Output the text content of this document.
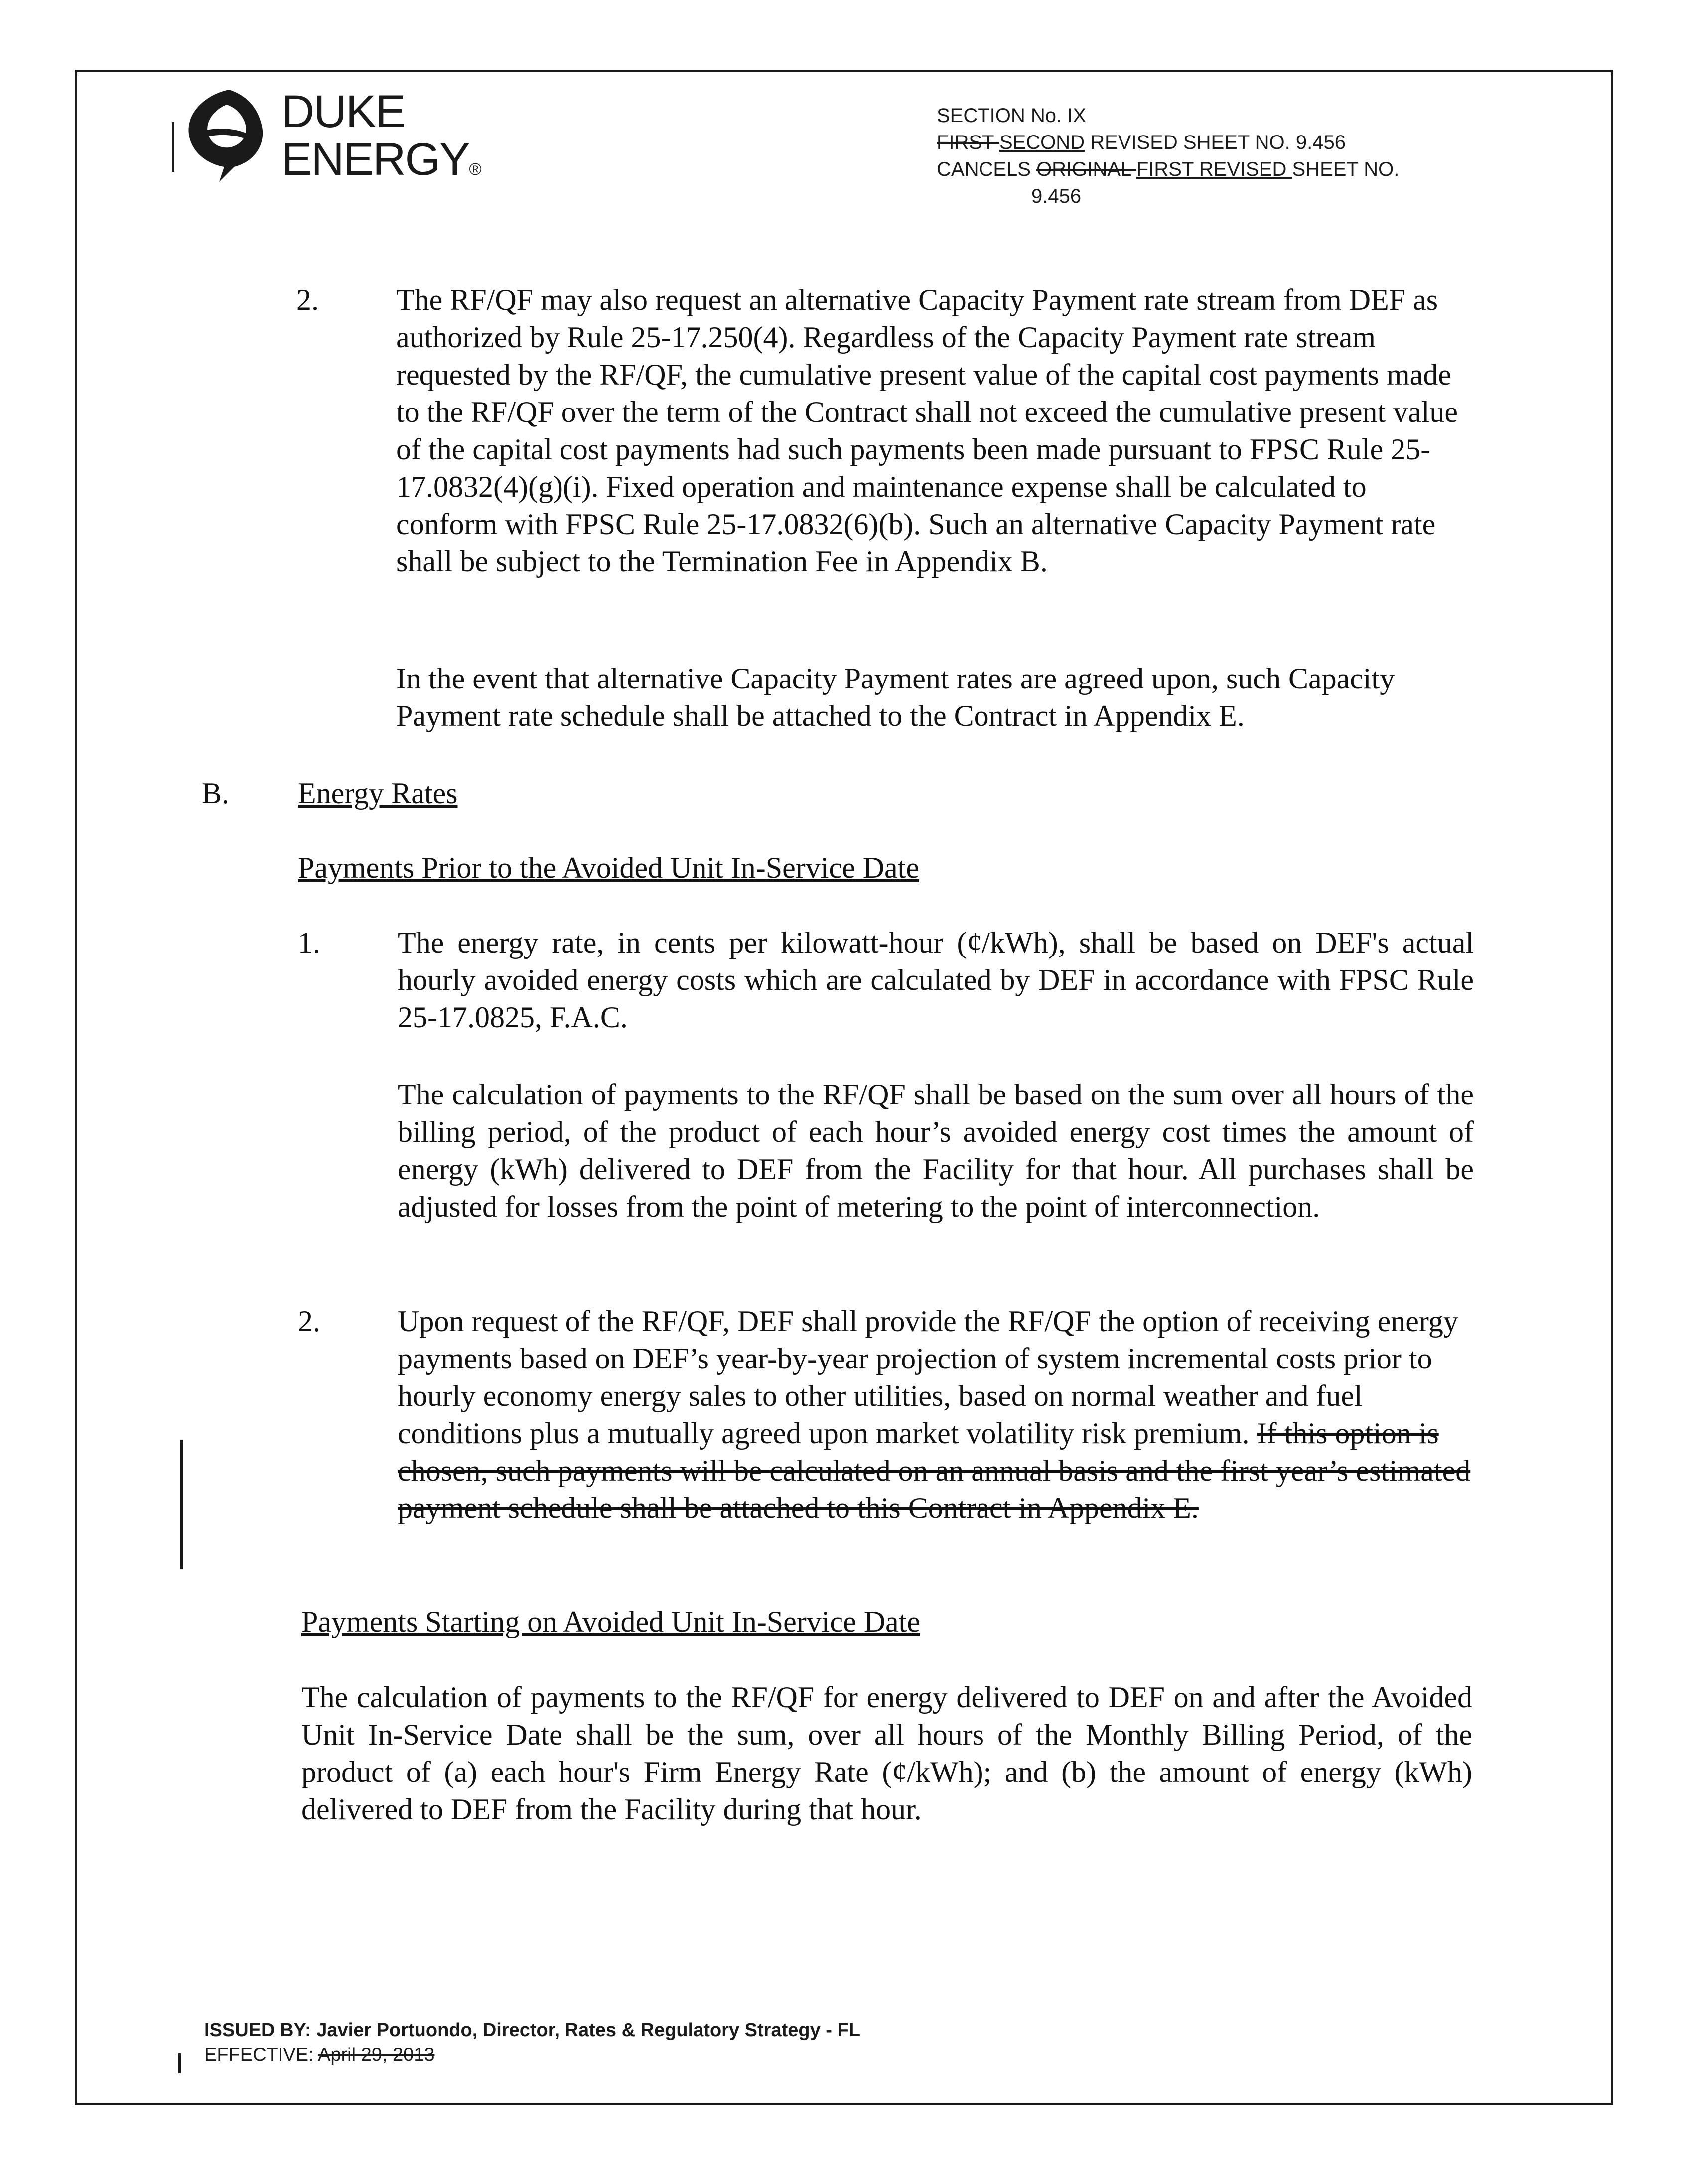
DUKE
ENERGY®
SECTION No. IX
FIRST SECOND REVISED SHEET NO. 9.456
CANCELS ORIGINAL FIRST REVISED SHEET NO.
9.456
2.	The RF/QF may also request an alternative Capacity Payment rate stream from DEF as authorized by Rule 25-17.250(4). Regardless of the Capacity Payment rate stream requested by the RF/QF, the cumulative present value of the capital cost payments made to the RF/QF over the term of the Contract shall not exceed the cumulative present value of the capital cost payments had such payments been made pursuant to FPSC Rule 25-17.0832(4)(g)(i). Fixed operation and maintenance expense shall be calculated to conform with FPSC Rule 25-17.0832(6)(b). Such an alternative Capacity Payment rate shall be subject to the Termination Fee in Appendix B.

In the event that alternative Capacity Payment rates are agreed upon, such Capacity Payment rate schedule shall be attached to the Contract in Appendix E.

B. Energy Rates
Payments Prior to the Avoided Unit In-Service Date
1.	The energy rate, in cents per kilowatt-hour (¢/kWh), shall be based on DEF's actual hourly avoided energy costs which are calculated by DEF in accordance with FPSC Rule 25-17.0825, F.A.C.

The calculation of payments to the RF/QF shall be based on the sum over all hours of the billing period, of the product of each hour’s avoided energy cost times the amount of energy (kWh) delivered to DEF from the Facility for that hour. All purchases shall be adjusted for losses from the point of metering to the point of interconnection.

2.	Upon request of the RF/QF, DEF shall provide the RF/QF the option of receiving energy payments based on DEF’s year-by-year projection of system incremental costs prior to hourly economy energy sales to other utilities, based on normal weather and fuel conditions plus a mutually agreed upon market volatility risk premium. If this option is chosen, such payments will be calculated on an annual basis and the first year’s estimated payment schedule shall be attached to this Contract in Appendix E.

Payments Starting on Avoided Unit In-Service Date

The calculation of payments to the RF/QF for energy delivered to DEF on and after the Avoided Unit In-Service Date shall be the sum, over all hours of the Monthly Billing Period, of the product of (a) each hour's Firm Energy Rate (¢/kWh); and (b) the amount of energy (kWh) delivered to DEF from the Facility during that hour.

ISSUED BY: Javier Portuondo, Director, Rates & Regulatory Strategy - FL
EFFECTIVE: April 29, 2013
